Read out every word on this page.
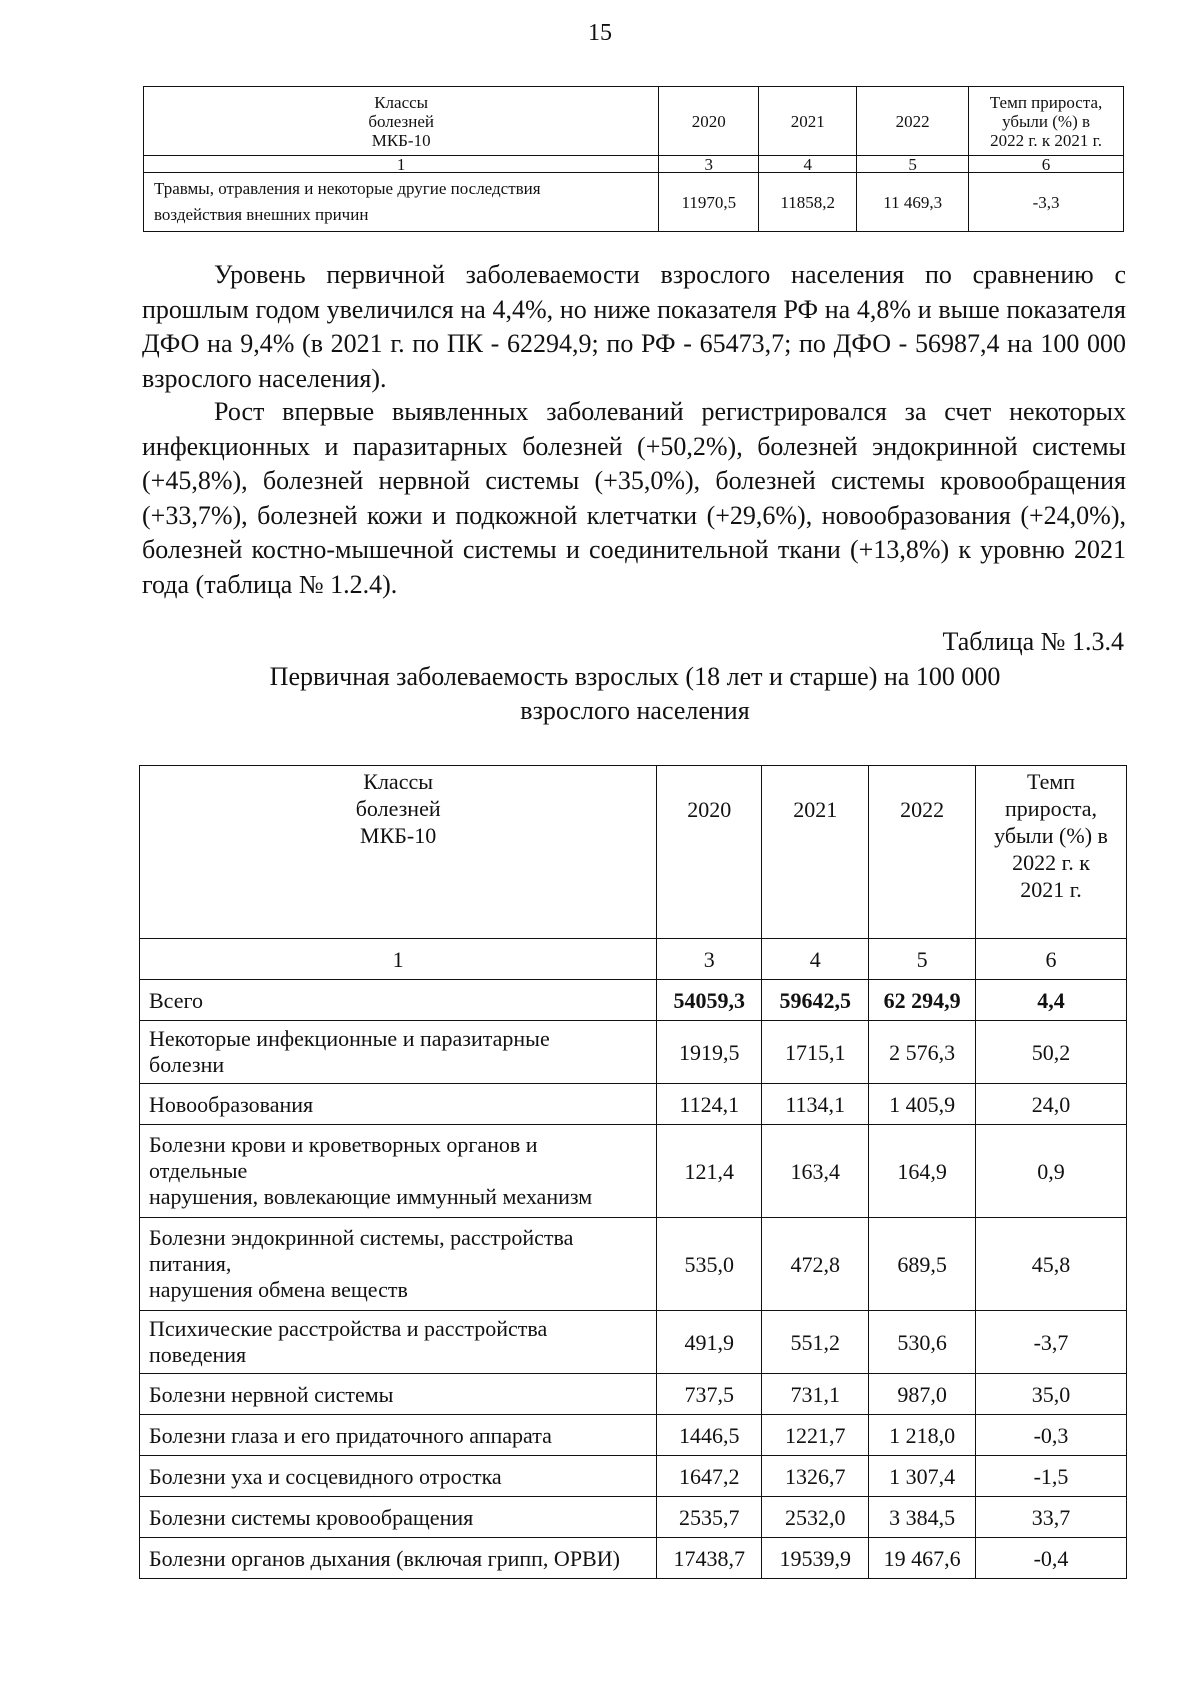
15
Классы
болезней
МКБ-10	2020	2021	2022	Темп прироста,
убыли (%) в
2022 г. к 2021 г.
1	3	4	5	6
Травмы, отравления и некоторые другие последствия
воздействия внешних причин	11970,5	11858,2	11 469,3	-3,3

Уровень первичной заболеваемости взрослого населения по сравнению с прошлым годом увеличился на 4,4%, но ниже показателя РФ на 4,8% и выше показателя ДФО на 9,4% (в 2021 г. по ПК - 62294,9; по РФ - 65473,7; по ДФО - 56987,4 на 100 000 взрослого населения).

Рост впервые выявленных заболеваний регистрировался за счет некоторых инфекционных и паразитарных болезней (+50,2%), болезней эндокринной системы (+45,8%), болезней нервной системы (+35,0%), болезней системы кровообращения (+33,7%), болезней кожи и подкожной клетчатки (+29,6%), новообразования (+24,0%), болезней костно-мышечной системы и соединительной ткани (+13,8%) к уровню 2021 года (таблица № 1.2.4).

Таблица № 1.3.4
Первичная заболеваемость взрослых (18 лет и старше) на 100 000
взрослого населения
Классы
болезней
МКБ-10	2020	2021	2022	Темп
прироста,
убыли (%) в
2022 г. к
2021 г.
1	3	4	5	6
Всего	54059,3	59642,5	62 294,9	4,4
Некоторые инфекционные и паразитарные
болезни	1919,5	1715,1	2 576,3	50,2
Новообразования	1124,1	1134,1	1 405,9	24,0
Болезни крови и кроветворных органов и
отдельные
нарушения, вовлекающие иммунный механизм	121,4	163,4	164,9	0,9
Болезни эндокринной системы, расстройства
питания,
нарушения обмена веществ	535,0	472,8	689,5	45,8
Психические расстройства и расстройства
поведения	491,9	551,2	530,6	-3,7
Болезни нервной системы	737,5	731,1	987,0	35,0
Болезни глаза и его придаточного аппарата	1446,5	1221,7	1 218,0	-0,3
Болезни уха и сосцевидного отростка	1647,2	1326,7	1 307,4	-1,5
Болезни системы кровообращения	2535,7	2532,0	3 384,5	33,7
Болезни органов дыхания (включая грипп, ОРВИ)	17438,7	19539,9	19 467,6	-0,4
